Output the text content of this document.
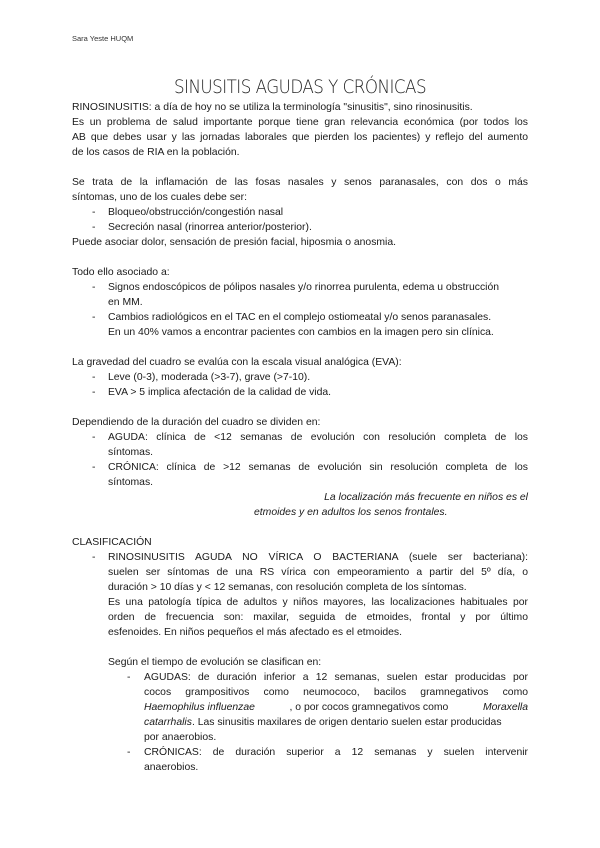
Sara Yeste HUQM
SINUSITIS AGUDAS Y CRÓNICAS
RINOSINUSITIS: a día de hoy no se utiliza la terminología "sinusitis", sino rinosinusitis.
Es un problema de salud importante porque tiene gran relevancia económica (por todos los
AB que debes usar y las jornadas laborales que pierden los pacientes) y reflejo del aumento
de los casos de RIA en la población.
Se trata de la inflamación de las fosas nasales y senos paranasales, con dos o más
síntomas, uno de los cuales debe ser:
- Bloqueo/obstrucción/congestión nasal
- Secreción nasal (rinorrea anterior/posterior).
Puede asociar dolor, sensación de presión facial, hiposmia o anosmia.
Todo ello asociado a:
- Signos endoscópicos de pólipos nasales y/o rinorrea purulenta, edema u obstrucción
en MM.
- Cambios radiológicos en el TAC en el complejo ostiomeatal y/o senos paranasales.
En un 40% vamos a encontrar pacientes con cambios en la imagen pero sin clínica.
La gravedad del cuadro se evalúa con la escala visual analógica (EVA):
- Leve (0-3), moderada (>3-7), grave (>7-10).
- EVA > 5 implica afectación de la calidad de vida.
Dependiendo de la duración del cuadro se dividen en:
- AGUDA: clínica de <12 semanas de evolución con resolución completa de los
síntomas.
- CRÓNICA: clínica de >12 semanas de evolución sin resolución completa de los
síntomas.
La localización más frecuente en niños es el
etmoides y en adultos los senos frontales.
CLASIFICACIÓN
- RINOSINUSITIS AGUDA NO VÍRICA O BACTERIANA (suele ser bacteriana):
suelen ser síntomas de una RS vírica con empeoramiento a partir del 5º día, o
duración > 10 días y < 12 semanas, con resolución completa de los síntomas.
Es una patología típica de adultos y niños mayores, las localizaciones habituales por
orden de frecuencia son: maxilar, seguida de etmoides, frontal y por último
esfenoides. En niños pequeños el más afectado es el etmoides.
Según el tiempo de evolución se clasifican en:
- AGUDAS: de duración inferior a 12 semanas, suelen estar producidas por
cocos grampositivos como neumococo, bacilos gramnegativos como
Haemophilus influenzae	, o por cocos gramnegativos como	Moraxella
catarrhalis. Las sinusitis maxilares de origen dentario suelen estar producidas
por anaerobios.
- CRÓNICAS: de duración superior a 12 semanas y suelen intervenir
anaerobios.
